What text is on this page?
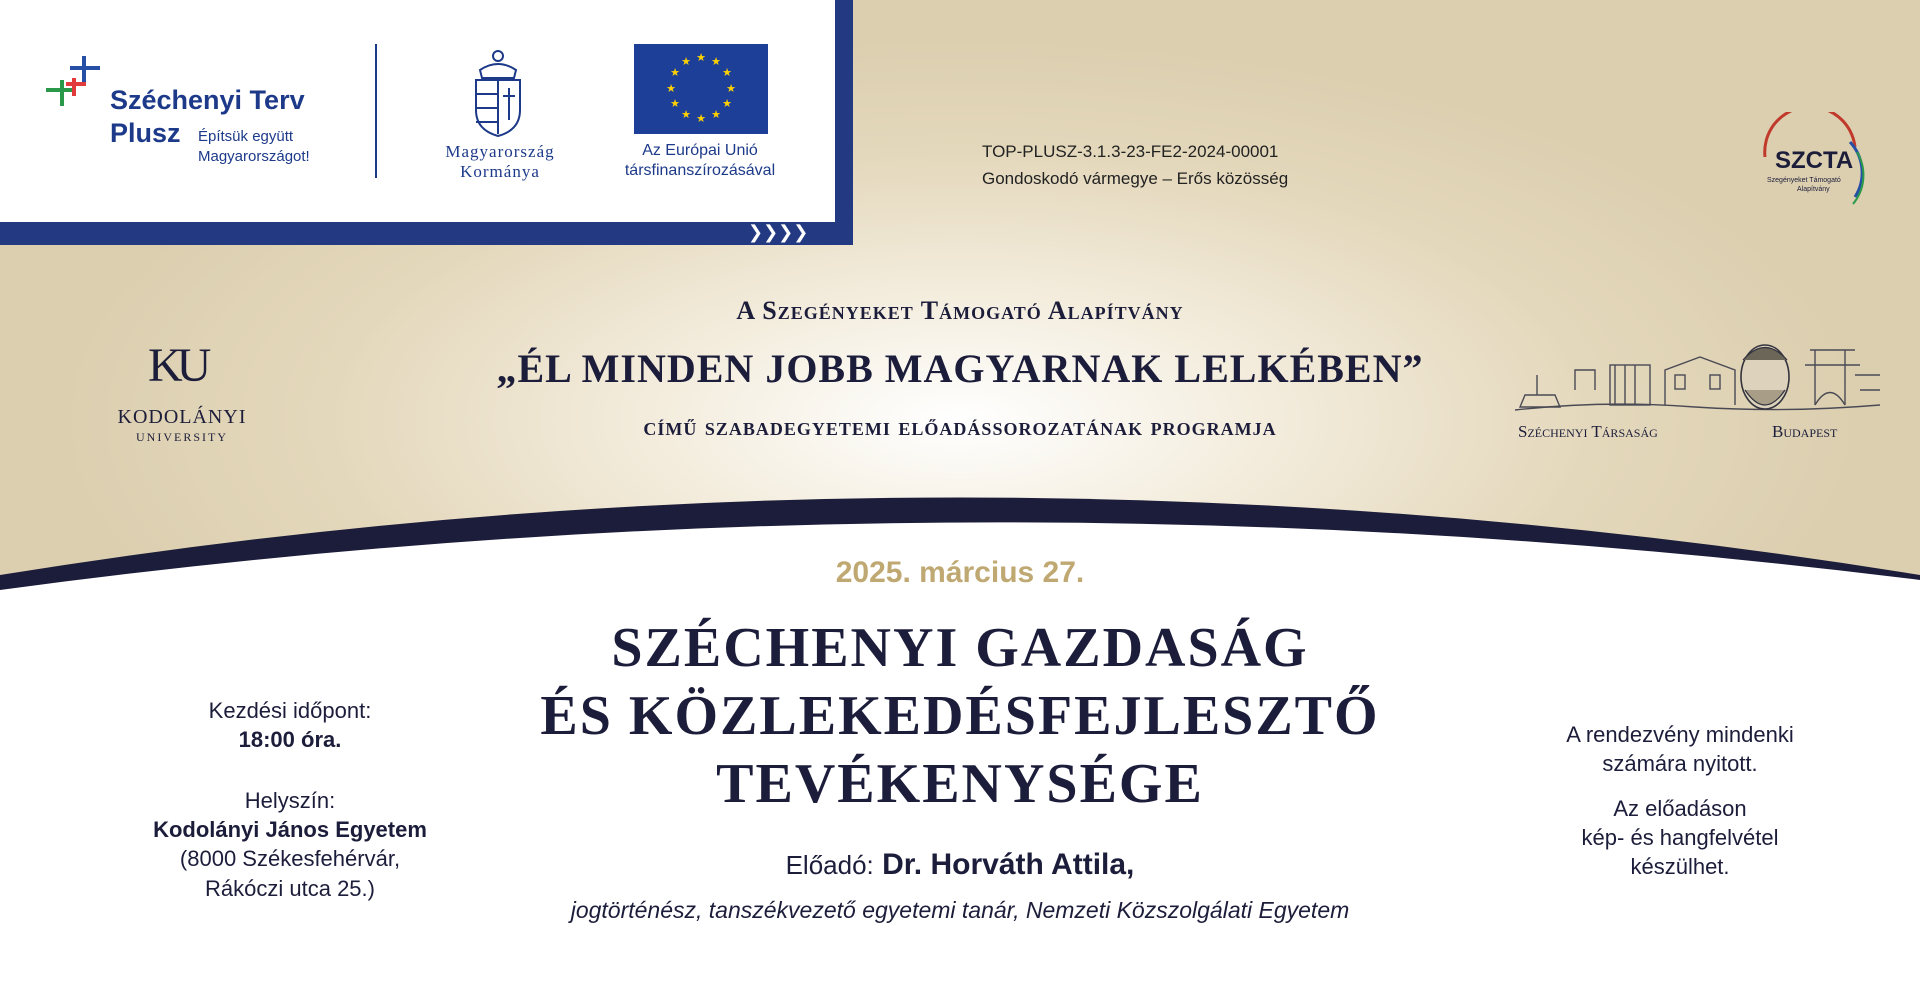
⌄
⌄
⌄
❯❯❯❯
Széchenyi Terv
Plusz Építsük együtt
Magyarországot!	Magyarország
Kormánya
★ ★
★
★
★
★
★
★
★
★
★
★
Az Európai Unió
társfinanszírozásával
TOP-PLUSZ-3.1.3-23-FE2-2024-00001
Gondoskodó vármegye – Erős közösség
SZCTA
Szegényeket Támogató
Alapítvány
A Szegényeket Támogató Alapítvány
„ÉL MINDEN JOBB MAGYARNAK LELKÉBEN”
című szabadegyetemi előadássorozatának programja
KU
KODOLÁNYI
UNIVERSITY	Széchenyi Társaság	Budapest
2025. március 27.
SZÉCHENYI GAZDASÁG
ÉS KÖZLEKEDÉSFEJLESZTŐ
TEVÉKENYSÉGE
Előadó: Dr. Horváth Attila,
jogtörténész, tanszékvezető egyetemi tanár, Nemzeti Közszolgálati Egyetem
Kezdési időpont:
18:00 óra.
Helyszín:
Kodolányi János Egyetem
(8000 Székesfehérvár,
Rákóczi utca 25.)
A rendezvény mindenki
számára nyitott.
Az előadáson
kép- és hangfelvétel
készülhet.
